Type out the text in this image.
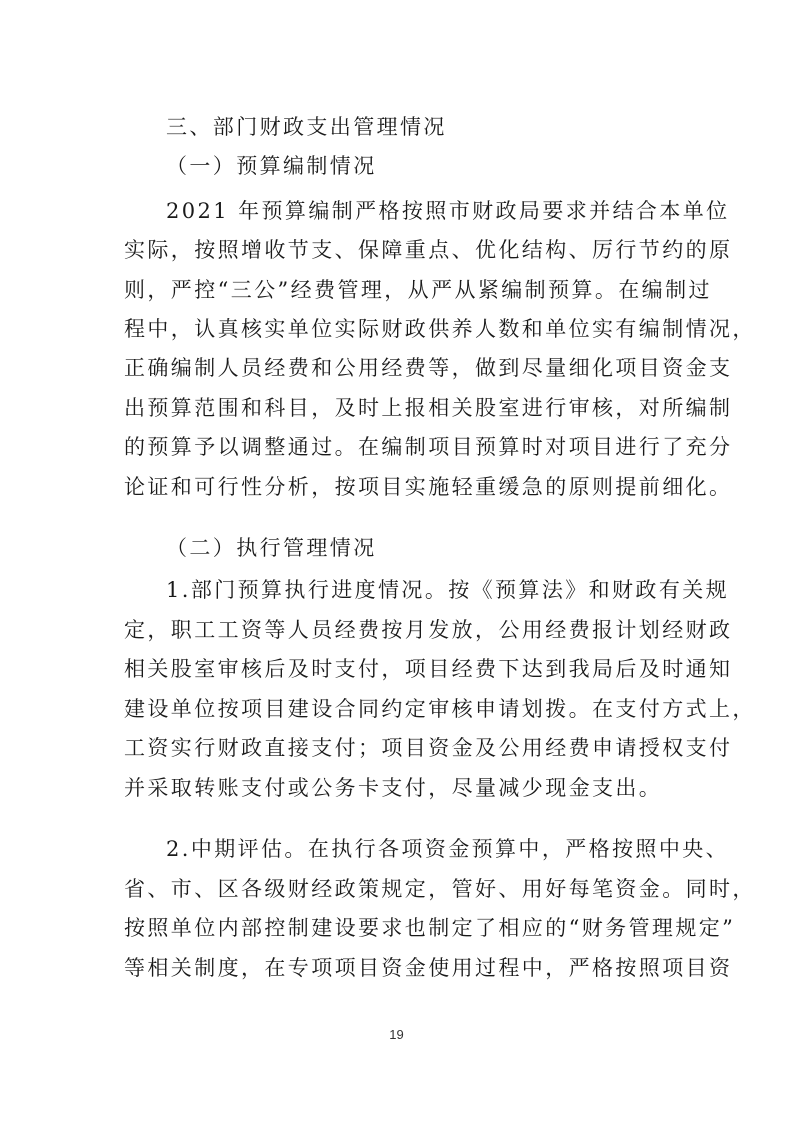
三、部门财政支出管理情况
（一）预算编制情况
2021 年预算编制严格按照市财政局要求并结合本单位
实际，按照增收节支、保障重点、优化结构、厉行节约的原
则，严控“三公”经费管理，从严从紧编制预算。在编制过
程中，认真核实单位实际财政供养人数和单位实有编制情况，
正确编制人员经费和公用经费等，做到尽量细化项目资金支
出预算范围和科目，及时上报相关股室进行审核，对所编制
的预算予以调整通过。在编制项目预算时对项目进行了充分
论证和可行性分析，按项目实施轻重缓急的原则提前细化。
（二）执行管理情况
1.部门预算执行进度情况。按《预算法》和财政有关规
定，职工工资等人员经费按月发放，公用经费报计划经财政
相关股室审核后及时支付，项目经费下达到我局后及时通知
建设单位按项目建设合同约定审核申请划拨。在支付方式上，
工资实行财政直接支付；项目资金及公用经费申请授权支付
并采取转账支付或公务卡支付，尽量减少现金支出。
2.中期评估。在执行各项资金预算中，严格按照中央、
省、市、区各级财经政策规定，管好、用好每笔资金。同时，
按照单位内部控制建设要求也制定了相应的“财务管理规定”
等相关制度，在专项项目资金使用过程中，严格按照项目资
19
